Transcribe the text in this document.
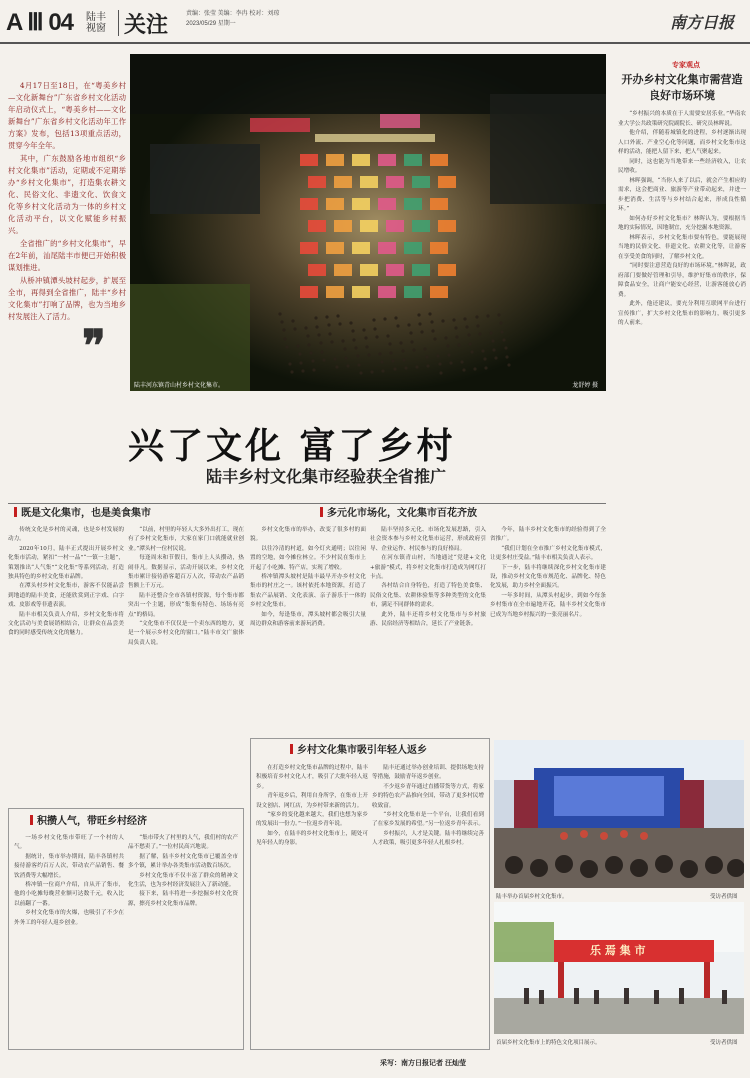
A Ⅲ 04 陆丰视窗 关注	责编：张莹 美编：李冉 校对：刘琼
2023/05/29 星期一	南方日报

4月17日至18日，在“粤美乡村—文化新舞台”广东省乡村文化活动年启动仪式上，“粤美乡村——文化新舞台”广东省乡村文化活动年工作方案》发布，包括13项重点活动，贯穿今年全年。

其中，广东鼓励各地市组织“乡村文化集市”活动，定期或不定期举办“乡村文化集市”，打造集农耕文化、民俗文化、非遗文化、饮食文化等乡村文化活动为一体的乡村文化活动平台，以文化赋能乡村振兴。

全省推广的“乡村文化集市”，早在2年前，汕尾陆丰市便已开始积极谋划推进。

从桥冲镇潭头坡村起步，扩展至全市，再得到全省推广，陆丰“乡村文化集市”打响了品牌，也为当地乡村发展注入了活力。

❞
陆丰河东镇青山村乡村文化集市。	龙舒婷 摄
专家观点
开办乡村文化集市需营造良好市场环境

“乡村振兴的本质在于人需要安居乐业。”华南农业大学公共政策研究院副院长、研究员林晖说。

他介绍，伴随着城镇化的进程，乡村逐渐出现人口外流、产业空心化等问题，而乡村文化集市这样的活动，能把人留下来，把人气聚起来。

同时，这也能为当地带来一些经济收入，让农民增收。

林晖强调，“当你人来了以后，就会产生相应的需求，这会把商业、旅游等产业带动起来，并进一步把消费、生活等与乡村结合起来，形成良性循环。”

如何办好乡村文化集市？林晖认为，要根据当地的实际情况，因地制宜，充分挖掘本地资源。

林晖表示，乡村文化集市要有特色，要能展现当地的民俗文化、非遗文化、农耕文化等，让游客在享受美食的同时，了解乡村文化。

“同时要注意营造良好的市场环境。”林晖说，政府部门要做好管理和引导，维护好集市的秩序，保障食品安全，让商户能安心经营，让游客能放心消费。

此外，他还建议，要充分利用互联网平台进行宣传推广，扩大乡村文化集市的影响力，吸引更多的人前来。

兴了文化 富了乡村
陆丰乡村文化集市经验获全省推广
既是文化集市，也是美食集市

传统文化是乡村的灵魂，也是乡村发展的动力。

2020年10月，陆丰正式提出开展乡村文化集市活动，紧扣“一村一品”“一镇一主题”，策划推出“人气集”“文化集”等系列活动，打造独具特色的乡村文化集市品牌。

在潭头村乡村文化集市，游客不仅能品尝到地道的陆丰美食，还能欣赏到正字戏、白字戏、皮影戏等非遗表演。

陆丰市相关负责人介绍，乡村文化集市将文化活动与美食展销相结合，让群众在品尝美食的同时感受传统文化的魅力。

“以前，村里的年轻人大多外出打工，现在有了乡村文化集市，大家在家门口就能就业创业。”潭头村一位村民说。

每逢周末和节假日，集市上人头攒动，热闹非凡。数据显示，活动开展以来，乡村文化集市累计接待游客超百万人次，带动农产品销售额上千万元。

陆丰还整合全市各镇村资源，每个集市都突出一个主题，形成“集集有特色、场场有亮点”的格局。

“文化集市不仅仅是一个卖东西的地方，更是一个展示乡村文化的窗口。”陆丰市文广旅体局负责人说。

多元化市场化，文化集市百花齐放

乡村文化集市的举办，改变了很多村的面貌。

以往冷清的村道，如今灯火通明；以往闲置的空地，如今摊位林立。不少村民在集市上开起了小吃摊、特产店，实现了增收。

桥冲镇潭头坡村是陆丰最早开办乡村文化集市的村庄之一。该村依托本地资源，打造了集农产品展销、文化表演、亲子游乐于一体的乡村文化集市。

如今，每逢集市，潭头坡村都会吸引大量周边群众和游客前来游玩消费。

陆丰坚持多元化、市场化发展思路，引入社会资本参与乡村文化集市运营，形成政府引导、企业运作、村民参与的良好格局。

在河东镇青山村，当地通过“党建+文化+旅游”模式，将乡村文化集市打造成为网红打卡点。

各村结合自身特色，打造了特色美食集、民俗文化集、农耕体验集等多种类型的文化集市，满足不同群体的需求。

此外，陆丰还将乡村文化集市与乡村旅游、民宿经济等相结合，延长了产业链条。

今年，陆丰乡村文化集市的经验得到了全省推广。

“我们计划在全市推广乡村文化集市模式，让更多村庄受益。”陆丰市相关负责人表示。

下一步，陆丰将继续深化乡村文化集市建设，推动乡村文化集市规范化、品牌化、特色化发展，助力乡村全面振兴。

一年多时间，从潭头村起步，到如今每条乡村集市在全市遍地开花，陆丰乡村文化集市已成为当地乡村振兴的一张亮丽名片。

乡村文化集市吸引年轻人返乡

在打造乡村文化集市品牌的过程中，陆丰积极培育乡村文化人才，吸引了大批年轻人返乡。

青年返乡后，利用自身所学，在集市上开设文创店、网红店，为乡村带来新的活力。

“家乡的变化越来越大，我们也想为家乡的发展出一份力。”一位返乡青年说。

如今，在陆丰的乡村文化集市上，随处可见年轻人的身影。

陆丰还通过举办创业培训、提供场地支持等措施，鼓励青年返乡创业。

不少返乡青年通过直播带货等方式，将家乡的特色农产品推向全国，带动了更多村民增收致富。

“乡村文化集市是一个平台，让我们看到了在家乡发展的希望。”另一位返乡青年表示。

乡村振兴，人才是关键。陆丰将继续完善人才政策，吸引更多年轻人扎根乡村。

积攒人气，带旺乡村经济

一场乡村文化集市带旺了一个村的人气。

据统计，集市举办期间，陆丰各镇村共接待游客约百万人次，带动农产品销售、餐饮消费等大幅增长。

桥冲镇一位商户介绍，自从开了集市，他的小吃摊每晚营业额可达数千元，收入比以前翻了一番。

乡村文化集市的火爆，也吸引了不少在外务工的年轻人返乡创业。

“集市带火了村里的人气，我们村的农产品不愁卖了。”一位村民高兴地说。

据了解，陆丰乡村文化集市已覆盖全市多个镇，累计举办各类集市活动数百场次。

乡村文化集市不仅丰富了群众的精神文化生活，也为乡村经济发展注入了新动能。

接下来，陆丰将进一步挖掘乡村文化资源，擦亮乡村文化集市品牌。

陆丰举办首届乡村文化集市。	受访者供图
乐 焉 集 市
首届乡村文化集市上的特色文化项目展示。	受访者供图
采写：南方日报记者 汪灿莹
